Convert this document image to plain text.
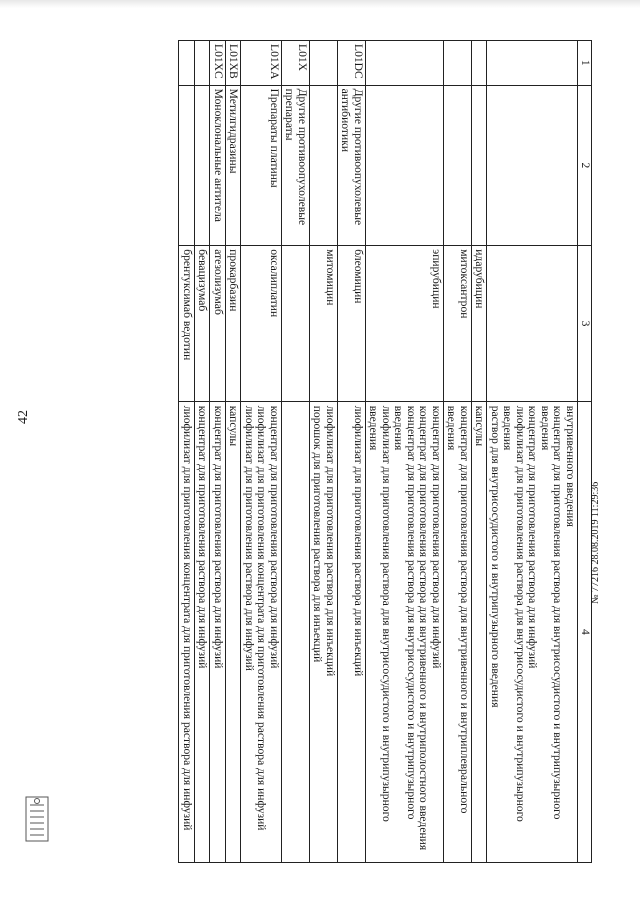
42
1	2	3	4

			внутривенного введения
концентрат для приготовления раствора для внутрисосудистого и внутрипузырного введения
концентрат для приготовления раствора для инфузий
лиофилизат для приготовления раствора для внутрисосудистого и внутрипузырного введения
раствор для внутрисосудистого и внутрипузырного введения

		идарубицин	капсулы

		митоксантрон	концентрат для приготовления раствора для внутривенного и внутриплеврального введения

		эпирубицин	концентрат для приготовления раствора для инфузий
концентрат для приготовления раствора для внутривенного и внутриполостного введения
концентрат для приготовления раствора для внутрисосудистого и внутрипузырного введения
лиофилизат для приготовления раствора для внутрисосудистого и внутрипузырного введения

L01DC	Другие противоопухолевые антибиотики	блеомицин	лиофилизат для приготовления раствора для инъекций

		митомицин	лиофилизат для приготовления раствора для инъекций
порошок для приготовления раствора для инъекций

L01X	Другие противоопухолевые препараты		
L01XA	Препараты платины	оксалиплатин	концентрат для приготовления раствора для инфузий
лиофилизат для приготовления концентрата для приготовления раствора для инфузий
лиофилизат для приготовления раствора для инфузий

L01XB	Метилгидразины	прокарбазин	капсулы

L01XC	Моноклональные антитела	атезолизумаб	концентрат для приготовления раствора для инфузий

		бевацизумаб	концентрат для приготовления раствора для инфузий

		брентуксимаб ведотин	лиофилизат для приготовления концентрата для приготовления раствора для инфузий	№ 77216 28.08.2019 11:29:36
